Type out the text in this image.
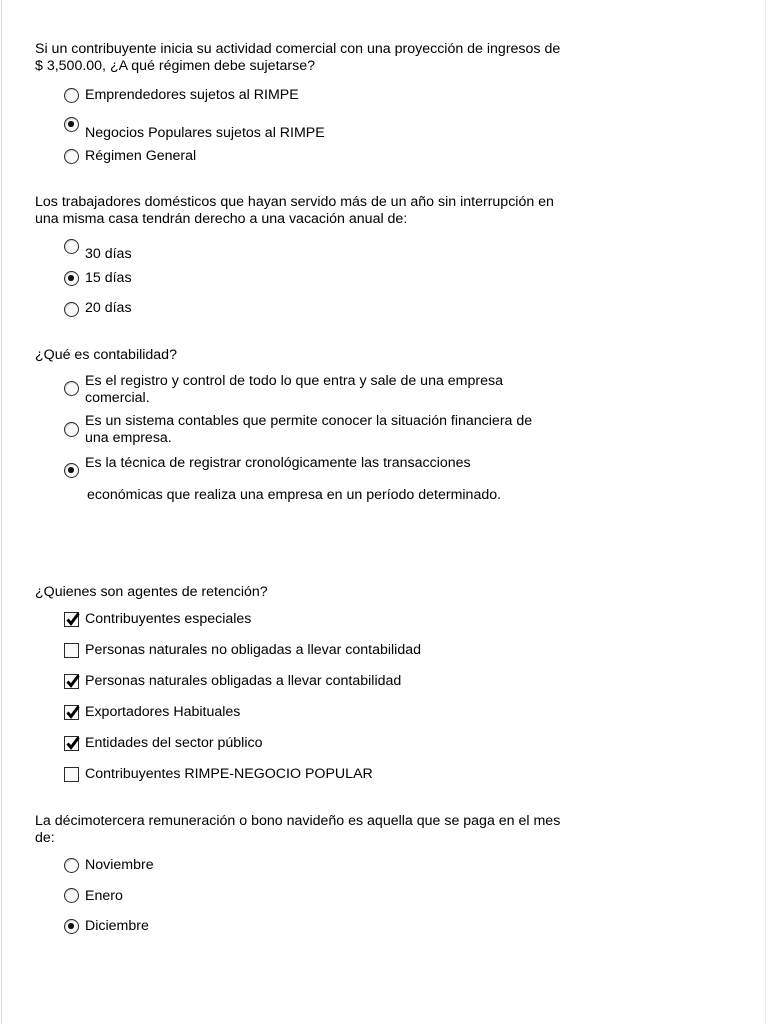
Si un contribuyente inicia su actividad comercial con una proyección de ingresos de $ 3,500.00, ¿A qué régimen debe sujetarse?
Emprendedores sujetos al RIMPE
Negocios Populares sujetos al RIMPE
Régimen General
Los trabajadores domésticos que hayan servido más de un año sin interrupción en una misma casa tendrán derecho a una vacación anual de:
30 días
15 días
20 días
¿Qué es contabilidad?
Es el registro y control de todo lo que entra y sale de una empresa comercial.
Es un sistema contables que permite conocer la situación financiera de una empresa.
Es la técnica de registrar cronológicamente las transacciones
económicas que realiza una empresa en un período determinado.
¿Quienes son agentes de retención?
Contribuyentes especiales
Personas naturales no obligadas a llevar contabilidad
Personas naturales obligadas a llevar contabilidad
Exportadores Habituales
Entidades del sector público
Contribuyentes RIMPE-NEGOCIO POPULAR
La décimotercera remuneración o bono navideño es aquella que se paga en el mes de:
Noviembre
Enero
Diciembre
